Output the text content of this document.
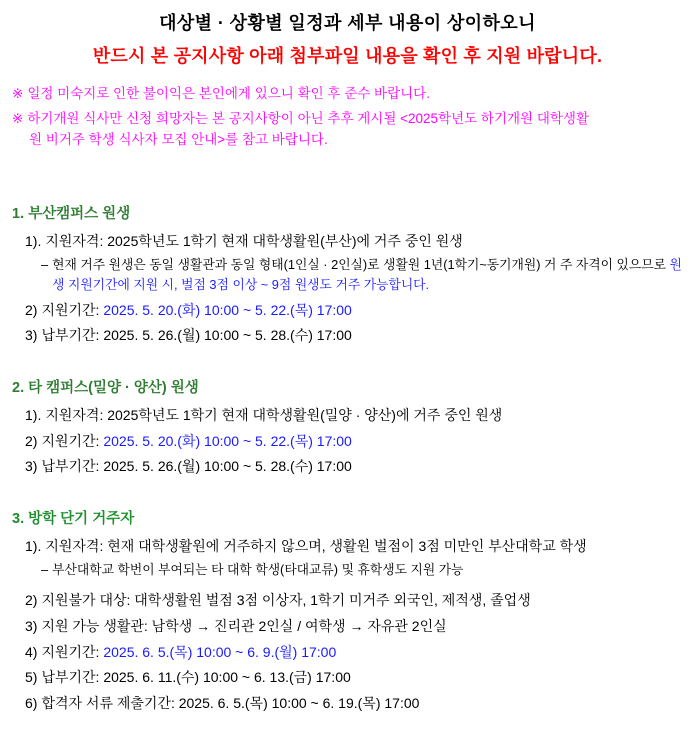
대상별 · 상황별 일정과 세부 내용이 상이하오니
반드시 본 공지사항 아래 첨부파일 내용을 확인 후 지원 바랍니다.
※ 일정 미숙지로 인한 불이익은 본인에게 있으니 확인 후 준수 바랍니다.
※ 하기개원 식사만 신청 희망자는 본 공지사항이 아닌 추후 게시될 <2025학년도 하기개원 대학생활
원 비거주 학생 식사자 모집 안내>를 참고 바랍니다.
1. 부산캠퍼스 원생
1). 지원자격: 2025학년도 1학기 현재 대학생활원(부산)에 거주 중인 원생
– 현재 거주 원생은 동일 생활관과 동일 형태(1인실 · 2인실)로 생활원 1년(1학기~동기개원) 거 주 자격이 있으므로 원생 지원기간에 지원 시, 벌점 3점 이상 ~ 9점 원생도 거주 가능합니다.
2) 지원기간: 2025. 5. 20.(화) 10:00 ~ 5. 22.(목) 17:00
3) 납부기간: 2025. 5. 26.(월) 10:00 ~ 5. 28.(수) 17:00
2. 타 캠퍼스(밀양 · 양산) 원생
1). 지원자격: 2025학년도 1학기 현재 대학생활원(밀양 · 양산)에 거주 중인 원생
2) 지원기간: 2025. 5. 20.(화) 10:00 ~ 5. 22.(목) 17:00
3) 납부기간: 2025. 5. 26.(월) 10:00 ~ 5. 28.(수) 17:00
3. 방학 단기 거주자
1). 지원자격: 현재 대학생활원에 거주하지 않으며, 생활원 벌점이 3점 미만인 부산대학교 학생
– 부산대학교 학번이 부여되는 타 대학 학생(타대교류) 및 휴학생도 지원 가능
2) 지원불가 대상: 대학생활원 벌점 3점 이상자, 1학기 미거주 외국인, 제적생, 졸업생
3) 지원 가능 생활관: 남학생 → 진리관 2인실 / 여학생 → 자유관 2인실
4) 지원기간: 2025. 6. 5.(목) 10:00 ~ 6. 9.(월) 17:00
5) 납부기간: 2025. 6. 11.(수) 10:00 ~ 6. 13.(금) 17:00
6) 합격자 서류 제출기간: 2025. 6. 5.(목) 10:00 ~ 6. 19.(목) 17:00
